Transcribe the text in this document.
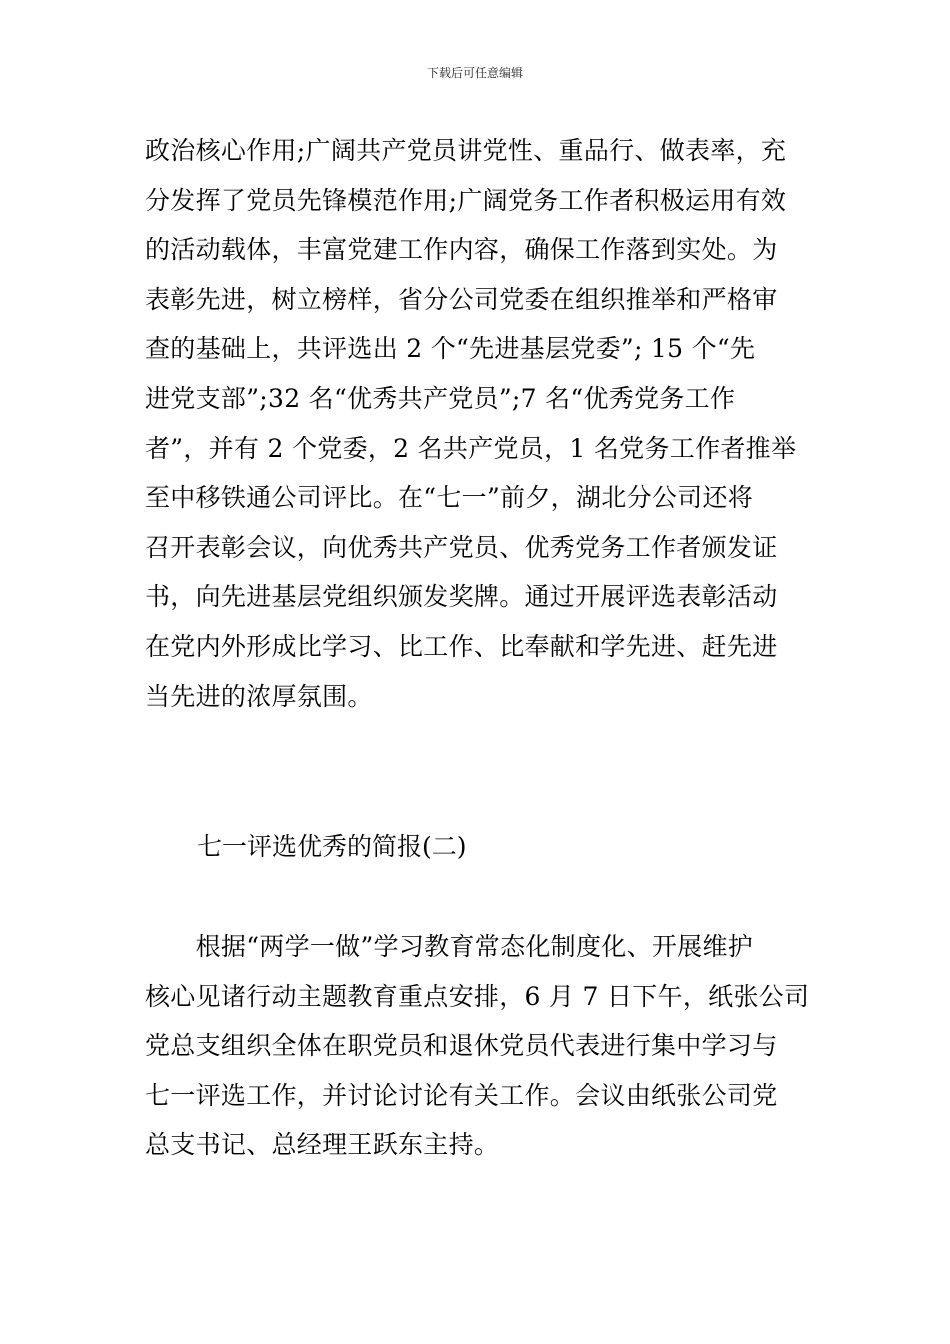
下载后可任意编辑
政治核心作用;广阔共产党员讲党性、重品行、做表率，充
分发挥了党员先锋模范作用;广阔党务工作者积极运用有效
的活动载体，丰富党建工作内容，确保工作落到实处。为
表彰先进，树立榜样，省分公司党委在组织推举和严格审
查的基础上，共评选出 2 个“先进基层党委”; 15 个“先
进党支部”;32 名“优秀共产党员”;7 名“优秀党务工作
者”，并有 2 个党委，2 名共产党员，1 名党务工作者推举
至中移铁通公司评比。在“七一”前夕，湖北分公司还将
召开表彰会议，向优秀共产党员、优秀党务工作者颁发证
书，向先进基层党组织颁发奖牌。通过开展评选表彰活动
在党内外形成比学习、比工作、比奉献和学先进、赶先进
当先进的浓厚氛围。
七一评选优秀的简报(二)
　　根据“两学一做”学习教育常态化制度化、开展维护
核心见诸行动主题教育重点安排，6 月 7 日下午，纸张公司
党总支组织全体在职党员和退休党员代表进行集中学习与
七一评选工作，并讨论讨论有关工作。会议由纸张公司党
总支书记、总经理王跃东主持。
